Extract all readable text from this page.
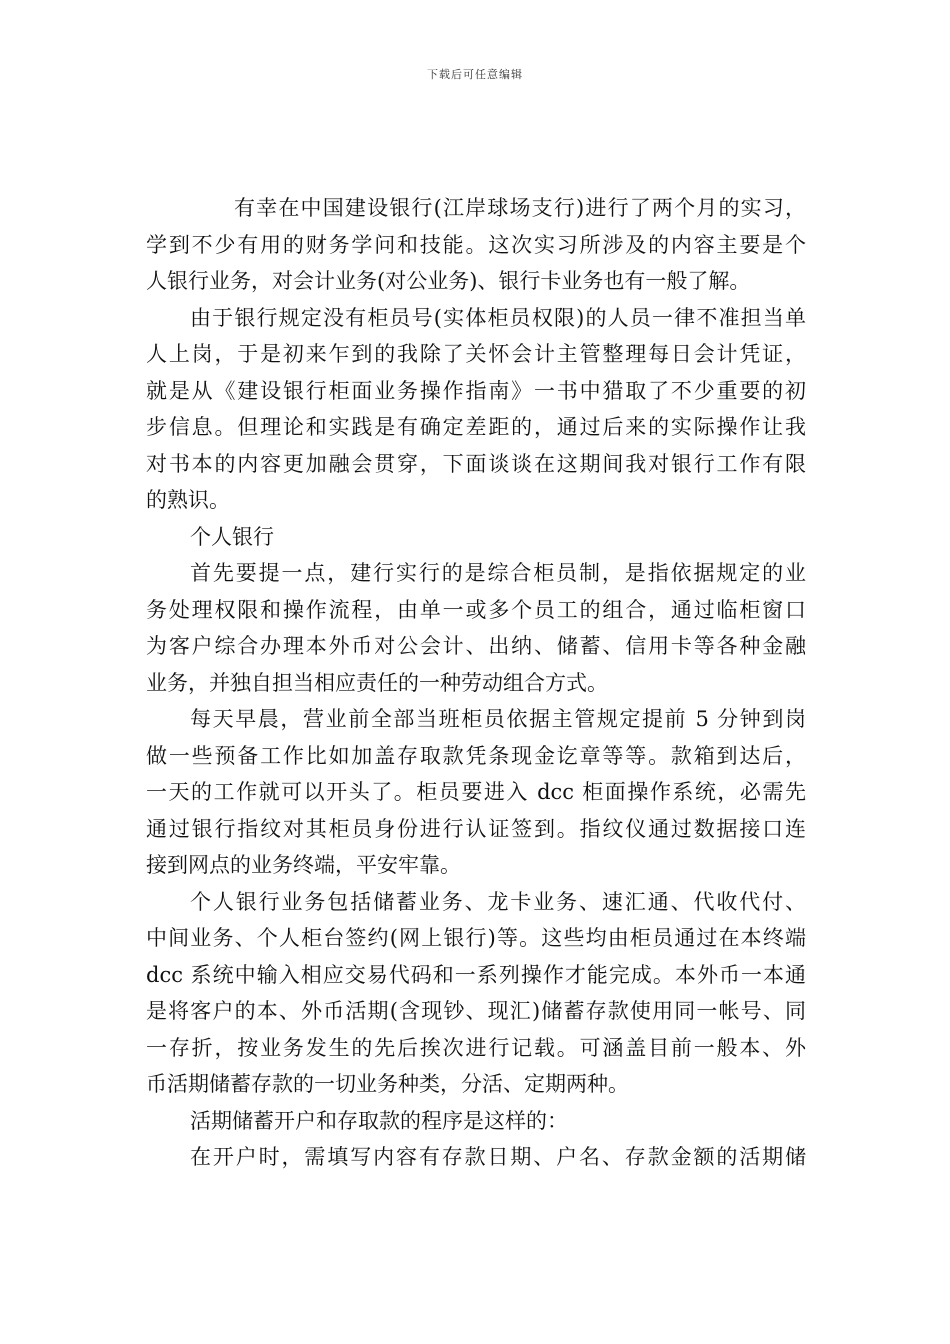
下载后可任意编辑
有幸在中国建设银行(江岸球场支行)进行了两个月的实习，
学到不少有用的财务学问和技能。这次实习所涉及的内容主要是个
人银行业务，对会计业务(对公业务)、银行卡业务也有一般了解。
由于银行规定没有柜员号(实体柜员权限)的人员一律不准担当单
人上岗，于是初来乍到的我除了关怀会计主管整理每日会计凭证，
就是从《建设银行柜面业务操作指南》一书中猎取了不少重要的初
步信息。但理论和实践是有确定差距的，通过后来的实际操作让我
对书本的内容更加融会贯穿，下面谈谈在这期间我对银行工作有限
的熟识。
个人银行
首先要提一点，建行实行的是综合柜员制，是指依据规定的业
务处理权限和操作流程，由单一或多个员工的组合，通过临柜窗口
为客户综合办理本外币对公会计、出纳、储蓄、信用卡等各种金融
业务，并独自担当相应责任的一种劳动组合方式。
每天早晨，营业前全部当班柜员依据主管规定提前 5 分钟到岗
做一些预备工作比如加盖存取款凭条现金讫章等等。款箱到达后，
一天的工作就可以开头了。柜员要进入 dcc 柜面操作系统，必需先
通过银行指纹对其柜员身份进行认证签到。指纹仪通过数据接口连
接到网点的业务终端，平安牢靠。
个人银行业务包括储蓄业务、龙卡业务、速汇通、代收代付、
中间业务、个人柜台签约(网上银行)等。这些均由柜员通过在本终端
dcc 系统中输入相应交易代码和一系列操作才能完成。本外币一本通
是将客户的本、外币活期(含现钞、现汇)储蓄存款使用同一帐号、同
一存折，按业务发生的先后挨次进行记载。可涵盖目前一般本、外
币活期储蓄存款的一切业务种类，分活、定期两种。
活期储蓄开户和存取款的程序是这样的：
在开户时，需填写内容有存款日期、户名、存款金额的活期储
